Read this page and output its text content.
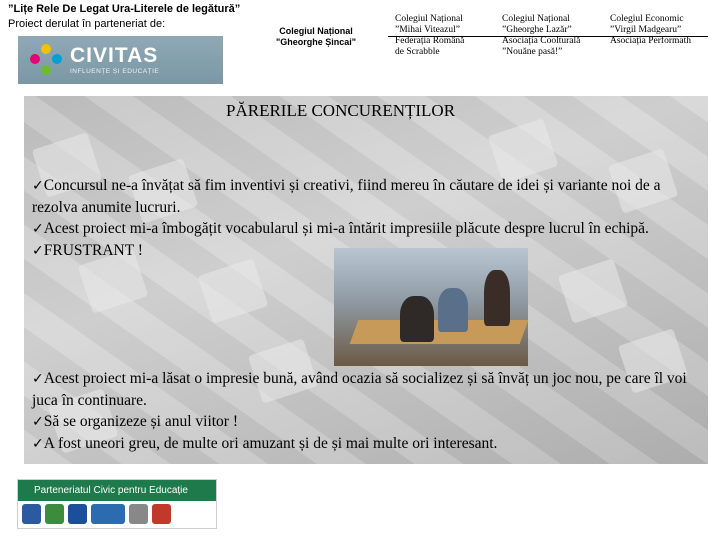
”Lițe Rele De Legat Ura-Literele de legătură”
Proiect derulat în parteneriat de:
CIVITAS
INFLUENȚE ȘI EDUCAȚIE
Colegiul Național
"Gheorghe Șincai"
Colegiul Național
”Mihai Viteazul”
Federația Română
de Scrabble
Colegiul Național
”Gheorghe Lazăr”
Asociația Coolturală
”Nouăne pasă!”
Colegiul Economic
”Virgil Madgearu”
Asociația Performath
PĂRERILE CONCURENȚILOR
✓Concursul ne-a învățat să fim inventivi și creativi, fiind mereu în căutare de idei și variante noi de a rezolva anumite lucruri.
✓Acest proiect mi-a îmbogățit vocabularul și mi-a întărit impresiile plăcute despre lucrul în echipă.
✓FRUSTRANT !
✓Acest proiect mi-a lăsat o impresie bună, având ocazia să socializez și să învăț un joc nou, pe care îl voi juca în continuare.
✓Să se organizeze și anul viitor !
✓A fost uneori greu, de multe ori amuzant și de și mai multe ori interesant.
Parteneriatul Civic pentru Educație
